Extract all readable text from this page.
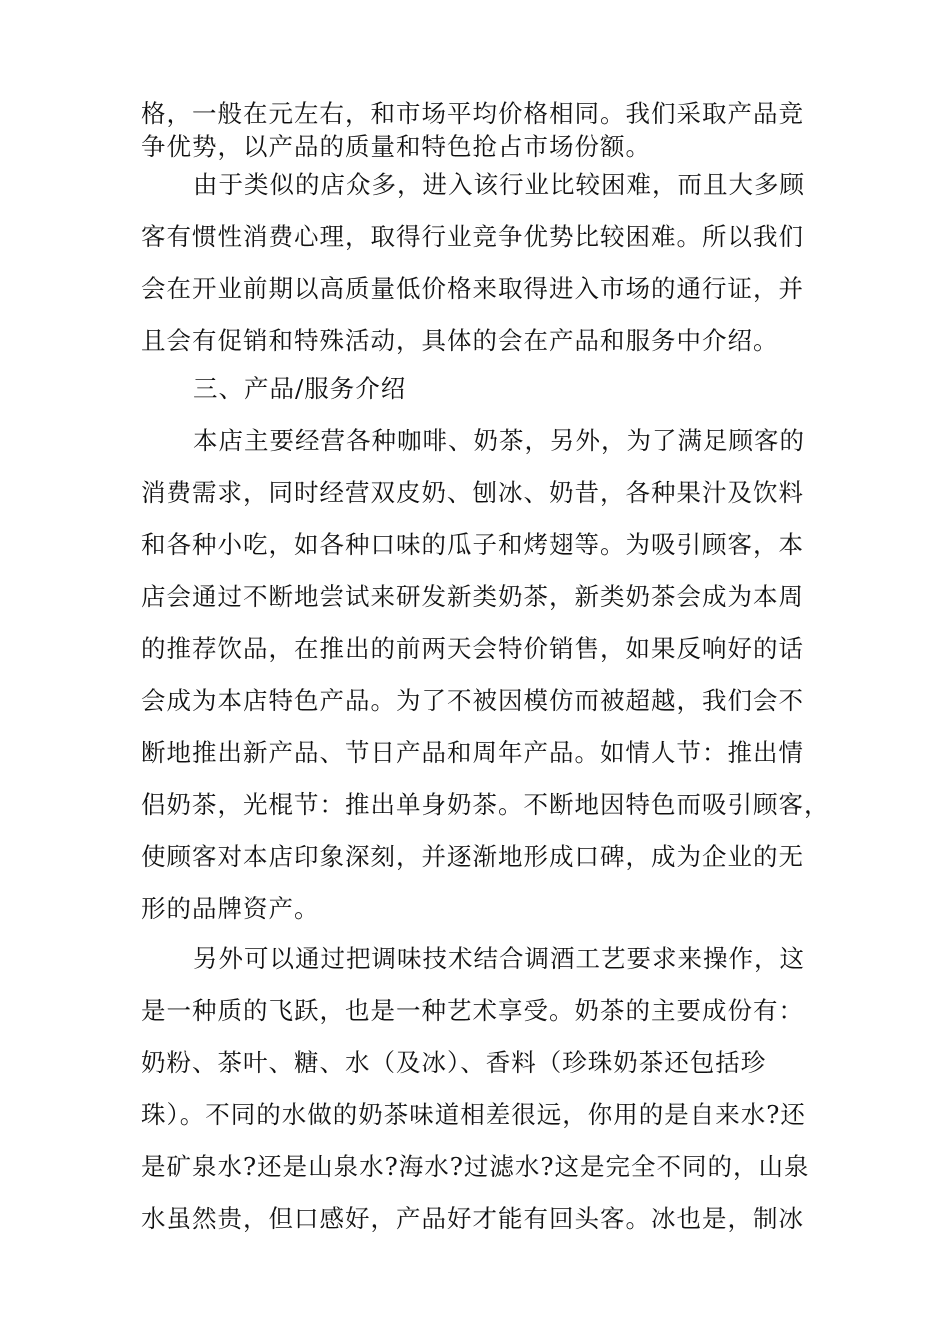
格，一般在元左右，和市场平均价格相同。我们采取产品竞
争优势，以产品的质量和特色抢占市场份额。
由于类似的店众多，进入该行业比较困难，而且大多顾
客有惯性消费心理，取得行业竞争优势比较困难。所以我们
会在开业前期以高质量低价格来取得进入市场的通行证，并
且会有促销和特殊活动，具体的会在产品和服务中介绍。
三、产品/服务介绍
本店主要经营各种咖啡、奶茶，另外，为了满足顾客的
消费需求，同时经营双皮奶、刨冰、奶昔，各种果汁及饮料
和各种小吃，如各种口味的瓜子和烤翅等。为吸引顾客，本
店会通过不断地尝试来研发新类奶茶，新类奶茶会成为本周
的推荐饮品，在推出的前两天会特价销售，如果反响好的话
会成为本店特色产品。为了不被因模仿而被超越，我们会不
断地推出新产品、节日产品和周年产品。如情人节：推出情
侣奶茶，光棍节：推出单身奶茶。不断地因特色而吸引顾客，
使顾客对本店印象深刻，并逐渐地形成口碑，成为企业的无
形的品牌资产。
另外可以通过把调味技术结合调酒工艺要求来操作，这
是一种质的飞跃，也是一种艺术享受。奶茶的主要成份有：
奶粉、茶叶、糖、水（及冰）、香料（珍珠奶茶还包括珍
珠）。不同的水做的奶茶味道相差很远，你用的是自来水?还
是矿泉水?还是山泉水?海水?过滤水?这是完全不同的，山泉
水虽然贵，但口感好，产品好才能有回头客。冰也是，制冰
